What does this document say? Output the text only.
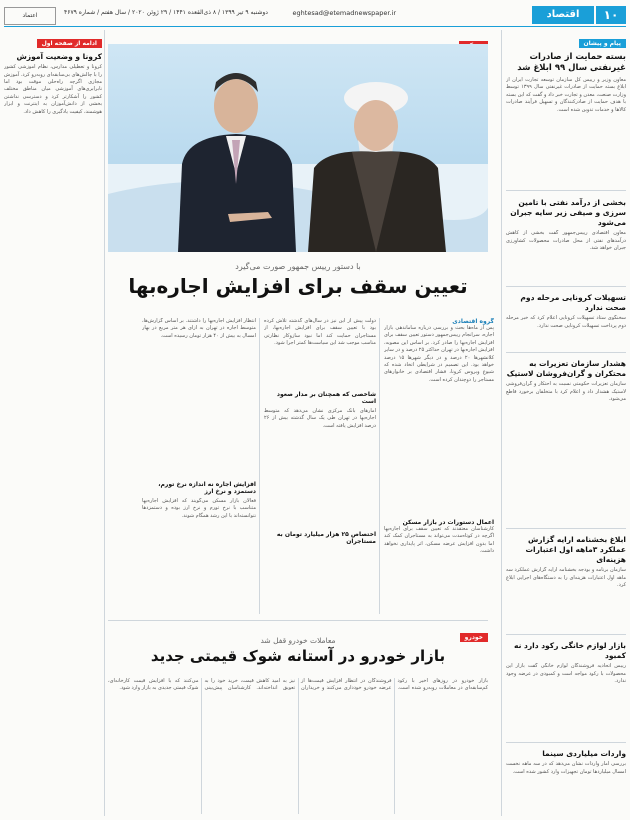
۱۰
اقتصاد
eghtesad@etemadnewspaper.ir
دوشنبه ۹ تیر ۱۳۹۹ / ۸ ذی‌القعده ۱۴۴۱ / ۲۹ ژوئن ۲۰۲۰ / سال هفتم / شماره ۴۶۷۹
اعتماد
پیام و پیشان
بسته حمایت از صادرات غیرنفتی سال ۹۹ ابلاغ شد
معاون وزیر و رییس کل سازمان توسعه تجارت ایران از ابلاغ بسته حمایت از صادرات غیرنفتی سال ۱۳۹۹ توسط وزارت صنعت، معدن و تجارت خبر داد و گفت که این بسته با هدف حمایت از صادرکنندگان و تسهیل فرآیند صادرات کالاها و خدمات تدوین شده است.
بخشی از درآمد نفتی با تامین سرزی و صیفی زیر سایه جبران می‌شود
معاون اقتصادی رییس‌جمهور گفت بخشی از کاهش درآمدهای نفتی از محل صادرات محصولات کشاورزی جبران خواهد شد.
تسهیلات کرونایی مرحله دوم صحت ندارد
سخنگوی ستاد تسهیلات کرونایی اعلام کرد که خبر مرحله دوم پرداخت تسهیلات کرونایی صحت ندارد.
هشدار سازمان تعزیرات به محتکران و گران‌فروشان لاستیک
سازمان تعزیرات حکومتی نسبت به احتکار و گران‌فروشی لاستیک هشدار داد و اعلام کرد با متخلفان برخورد قاطع می‌شود.
ابلاغ بخشنامه ارایه گزارش عملکرد ۳ماهه اول اعتبارات هزینه‌ای
سازمان برنامه و بودجه بخشنامه ارایه گزارش عملکرد سه ماهه اول اعتبارات هزینه‌ای را به دستگاه‌های اجرایی ابلاغ کرد.
بازار لوازم خانگی رکود دارد نه کمبود
رییس اتحادیه فروشندگان لوازم خانگی گفت بازار این محصولات با رکود مواجه است و کمبودی در عرضه وجود ندارد.
واردات میلیاردی سینما
بررسی آمار واردات نشان می‌دهد که در سه ماهه نخست امسال میلیاردها تومان تجهیزات وارد کشور شده است.
ادامه از صفحه اول
کرونا و وضعیت آموزش
کرونا و تعطیلی مدارس، نظام آموزشی کشور را با چالش‌های بی‌سابقه‌ای روبه‌رو کرد. آموزش مجازی اگرچه راه‌حلی موقت بود اما نابرابری‌های آموزشی میان مناطق مختلف کشور را آشکارتر کرد و دسترسی نداشتن بخشی از دانش‌آموزان به اینترنت و ابزار هوشمند، کیفیت یادگیری را کاهش داد.
با دستور رییس جمهور صورت می‌گیرد
تعیین سقف برای افزایش اجاره‌بها
گروه اقتصادی
پس از ماه‌ها بحث و بررسی درباره ساماندهی بازار اجاره، سرانجام رییس‌جمهور دستور تعیین سقف برای افزایش اجاره‌بها را صادر کرد. بر اساس این مصوبه، افزایش اجاره‌بها در تهران حداکثر ۲۵ درصد و در سایر کلانشهرها ۲۰ درصد و در دیگر شهرها ۱۵ درصد خواهد بود. این تصمیم در شرایطی اتخاذ شده که شیوع ویروس کرونا، فشار اقتصادی بر خانوارهای مستاجر را دوچندان کرده است.
اعمال دستورات در بازار مسکن
کارشناسان معتقدند که تعیین سقف برای اجاره‌بها اگرچه در کوتاه‌مدت می‌تواند به مستاجران کمک کند اما بدون افزایش عرضه مسکن، اثر پایداری نخواهد داشت.
دولت پیش از این نیز در سال‌های گذشته تلاش کرده بود با تعیین سقف برای افزایش اجاره‌بها، از مستاجران حمایت کند اما نبود سازوکار نظارتی مناسب موجب شد این سیاست‌ها کمتر اجرا شود.
شاخصی که همچنان بر مدار صعود است
آمارهای بانک مرکزی نشان می‌دهد که متوسط اجاره‌بها در تهران طی یک سال گذشته بیش از ۲۶ درصد افزایش یافته است.
اختصاص ۲۵ هزار میلیارد تومان به مستاجران
انتظار افزایش اجاره‌بها را داشتند. بر اساس گزارش‌ها، متوسط اجاره در تهران به ازای هر متر مربع در بهار امسال به بیش از ۴۰ هزار تومان رسیده است.
افزایش اجاره نه اندازه نرخ تورم، دستمزد و نرخ ارز
فعالان بازار مسکن می‌گویند که افزایش اجاره‌بها متناسب با نرخ تورم و نرخ ارز بوده و دستمزدها نتوانسته‌اند با این رشد همگام شوند.
خودرو
معاملات خودرو قفل شد
بازار خودرو در آستانه شوک قیمتی جدید
بازار خودرو در روزهای اخیر با رکود کم‌سابقه‌ای در معاملات روبه‌رو شده است. فروشندگان در انتظار افزایش قیمت‌ها از عرضه خودرو خودداری می‌کنند و خریداران نیز به امید کاهش قیمت، خرید خود را به تعویق انداخته‌اند. کارشناسان پیش‌بینی می‌کنند که با افزایش قیمت کارخانه‌ای، شوک قیمتی جدیدی به بازار وارد شود.
